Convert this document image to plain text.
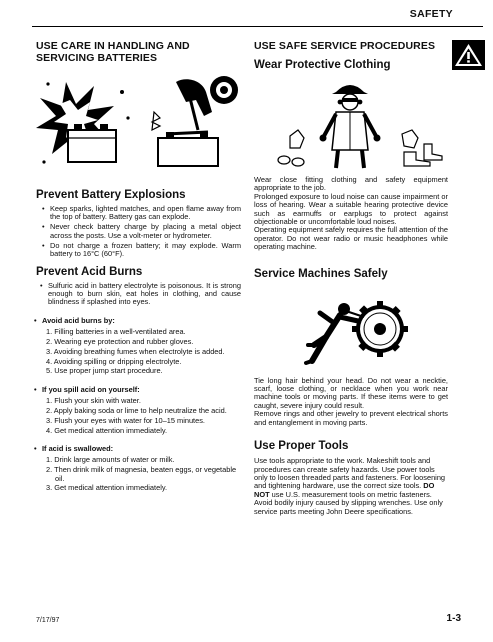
SAFETY
USE CARE IN HANDLING AND SERVICING BATTERIES
Prevent Battery Explosions
• Keep sparks, lighted matches, and open flame away from the top of battery. Battery gas can explode.
• Never check battery charge by placing a metal object across the posts. Use a volt-meter or hydrometer.
• Do not charge a frozen battery; it may explode. Warm battery to 16°C (60°F).
Prevent Acid Burns
• Sulfuric acid in battery electrolyte is poisonous. It is strong enough to burn skin, eat holes in clothing, and cause blindness if splashed into eyes.

• Avoid acid burns by:

1. Filling batteries in a well-ventilated area.
2. Wearing eye protection and rubber gloves.
3. Avoiding breathing fumes when electrolyte is added.
4. Avoiding spilling or dripping electrolyte.
5. Use proper jump start procedure.

• If you spill acid on yourself:

1. Flush your skin with water.
2. Apply baking soda or lime to help neutralize the acid.
3. Flush your eyes with water for 10–15 minutes.
4. Get medical attention immediately.

• If acid is swallowed:

1. Drink large amounts of water or milk.
2. Then drink milk of magnesia, beaten eggs, or vegetable oil.
3. Get medical attention immediately.
USE SAFE SERVICE PROCEDURES
Wear Protective Clothing

Wear close fitting clothing and safety equipment appropriate to the job.

Prolonged exposure to loud noise can cause impairment or loss of hearing. Wear a suitable hearing protective device such as earmuffs or earplugs to protect against objectionable or uncomfortable loud noises.

Operating equipment safely requires the full attention of the operator. Do not wear radio or music headphones while operating machine.

Service Machines Safely

Tie long hair behind your head. Do not wear a necktie, scarf, loose clothing, or necklace when you work near machine tools or moving parts. If these items were to get caught, severe injury could result.

Remove rings and other jewelry to prevent electrical shorts and entanglement in moving parts.

Use Proper Tools

Use tools appropriate to the work. Makeshift tools and procedures can create safety hazards. Use power tools only to loosen threaded parts and fasteners. For loosening and tightening hardware, use the correct size tools. DO NOT use U.S. measurement tools on metric fasteners. Avoid bodily injury caused by slipping wrenches. Use only service parts meeting John Deere specifications.

7/17/97	1-3
